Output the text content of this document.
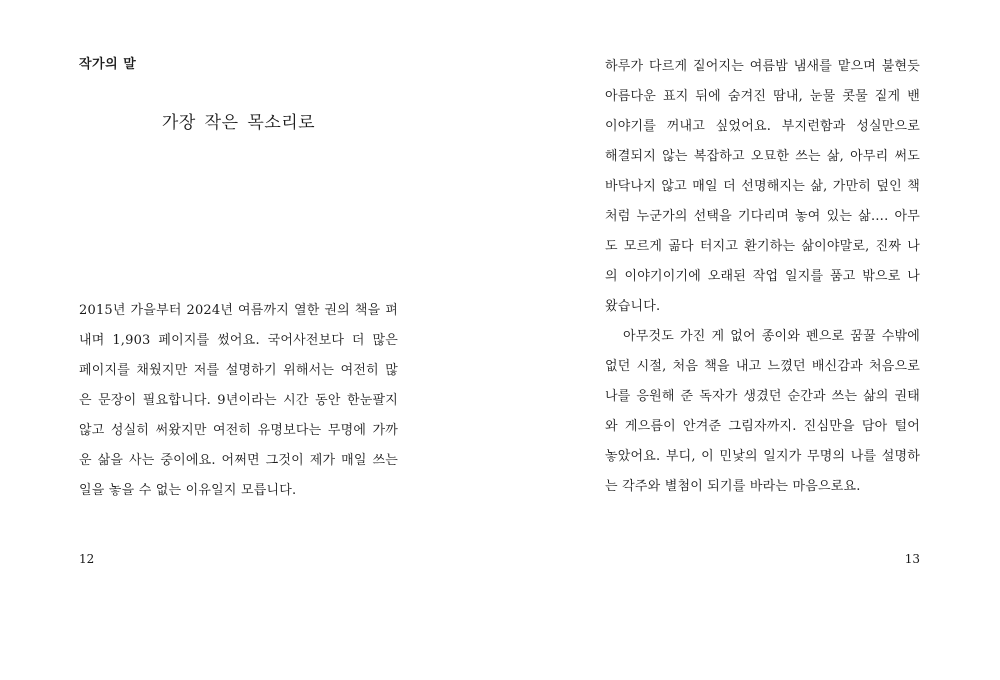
작가의 말
가장 작은 목소리로
2015년 가을부터 2024년 여름까지 열한 권의 책을 펴
내며 1,903 페이지를 썼어요. 국어사전보다 더 많은
페이지를 채웠지만 저를 설명하기 위해서는 여전히 많
은 문장이 필요합니다. 9년이라는 시간 동안 한눈팔지
않고 성실히 써왔지만 여전히 유명보다는 무명에 가까
운 삶을 사는 중이에요. 어쩌면 그것이 제가 매일 쓰는
일을 놓을 수 없는 이유일지 모릅니다.
12
하루가 다르게 짙어지는 여름밤 냄새를 맡으며 불현듯
아름다운 표지 뒤에 숨겨진 땀내, 눈물 콧물 짙게 밴
이야기를 꺼내고 싶었어요. 부지런함과 성실만으로
해결되지 않는 복잡하고 오묘한 쓰는 삶, 아무리 써도
바닥나지 않고 매일 더 선명해지는 삶, 가만히 덮인 책
처럼 누군가의 선택을 기다리며 놓여 있는 삶…. 아무
도 모르게 곪다 터지고 환기하는 삶이야말로, 진짜 나
의 이야기이기에 오래된 작업 일지를 품고 밖으로 나
왔습니다.
아무것도 가진 게 없어 종이와 펜으로 꿈꿀 수밖에
없던 시절, 처음 책을 내고 느꼈던 배신감과 처음으로
나를 응원해 준 독자가 생겼던 순간과 쓰는 삶의 권태
와 게으름이 안겨준 그림자까지. 진심만을 담아 털어
놓았어요. 부디, 이 민낯의 일지가 무명의 나를 설명하
는 각주와 별첨이 되기를 바라는 마음으로요.
13
